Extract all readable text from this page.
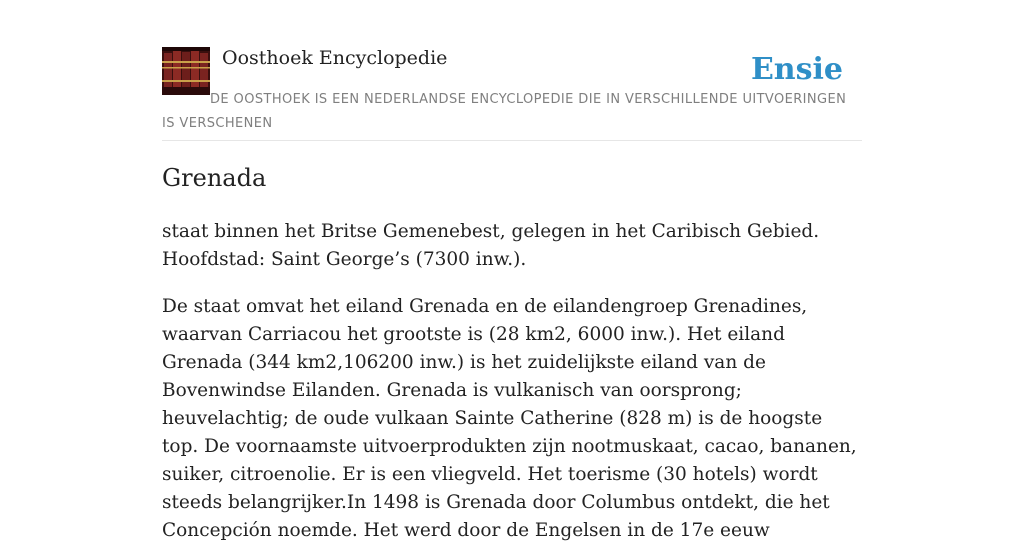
Oosthoek Encyclopedie	Ensie
DE OOSTHOEK IS EEN NEDERLANDSE ENCYCLOPEDIE DIE IN VERSCHILLENDE UITVOERINGEN IS VERSCHENEN
Grenada

staat binnen het Britse Gemenebest, gelegen in het Caribisch Gebied. Hoofdstad: Saint George’s (7300 inw.).

De staat omvat het eiland Grenada en de eilandengroep Grenadines, waarvan Carriacou het grootste is (28 km2, 6000 inw.). Het eiland Grenada (344 km2,106200 inw.) is het zuidelijkste eiland van de Bovenwindse Eilanden. Grenada is vulkanisch van oorsprong; heuvelachtig; de oude vulkaan Sainte Catherine (828 m) is de hoogste top. De voornaamste uitvoerprodukten zijn nootmuskaat, cacao, bananen, suiker, citroenolie. Er is een vliegveld. Het toerisme (30 hotels) wordt steeds belangrijker.In 1498 is Grenada door Columbus ontdekt, die het Concepción noemde. Het werd door de Engelsen in de 17e eeuw
